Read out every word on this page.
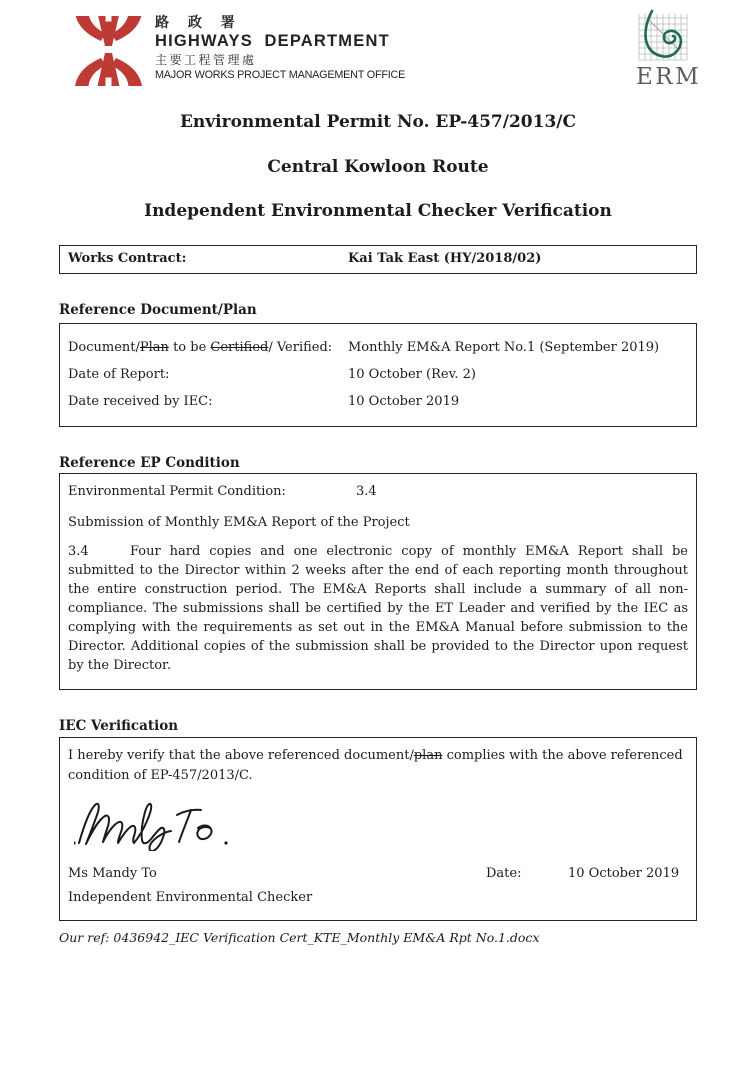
路 政 署
HIGHWAYS  DEPARTMENT
主要工程管理處
MAJOR WORKS PROJECT MANAGEMENT OFFICE	ERM
Environmental Permit No. EP-457/2013/C
Central Kowloon Route
Independent Environmental Checker Verification
Works Contract:	Kai Tak East (HY/2018/02)
Reference Document/Plan
Document/Plan to be Certified/ Verified:	Monthly EM&A Report No.1 (September 2019)
Date of Report:	10 October (Rev. 2)
Date received by IEC:	10 October 2019
Reference EP Condition
Environmental Permit Condition:	3.4
Submission of Monthly EM&A Report of the Project
3.4	Four hard copies and one electronic copy of monthly EM&A Report shall be submitted to the Director within 2 weeks after the end of each reporting month throughout the entire construction period. The EM&A Reports shall include a summary of all non-compliance. The submissions shall be certified by the ET Leader and verified by the IEC as complying with the requirements as set out in the EM&A Manual before submission to the Director. Additional copies of the submission shall be provided to the Director upon request by the Director.
IEC Verification
I hereby verify that the above referenced document/plan complies with the above referenced condition of EP-457/2013/C.
Ms Mandy To	Date:	10 October 2019
Independent Environmental Checker
Our ref: 0436942_IEC Verification Cert_KTE_Monthly EM&A Rpt No.1.docx
